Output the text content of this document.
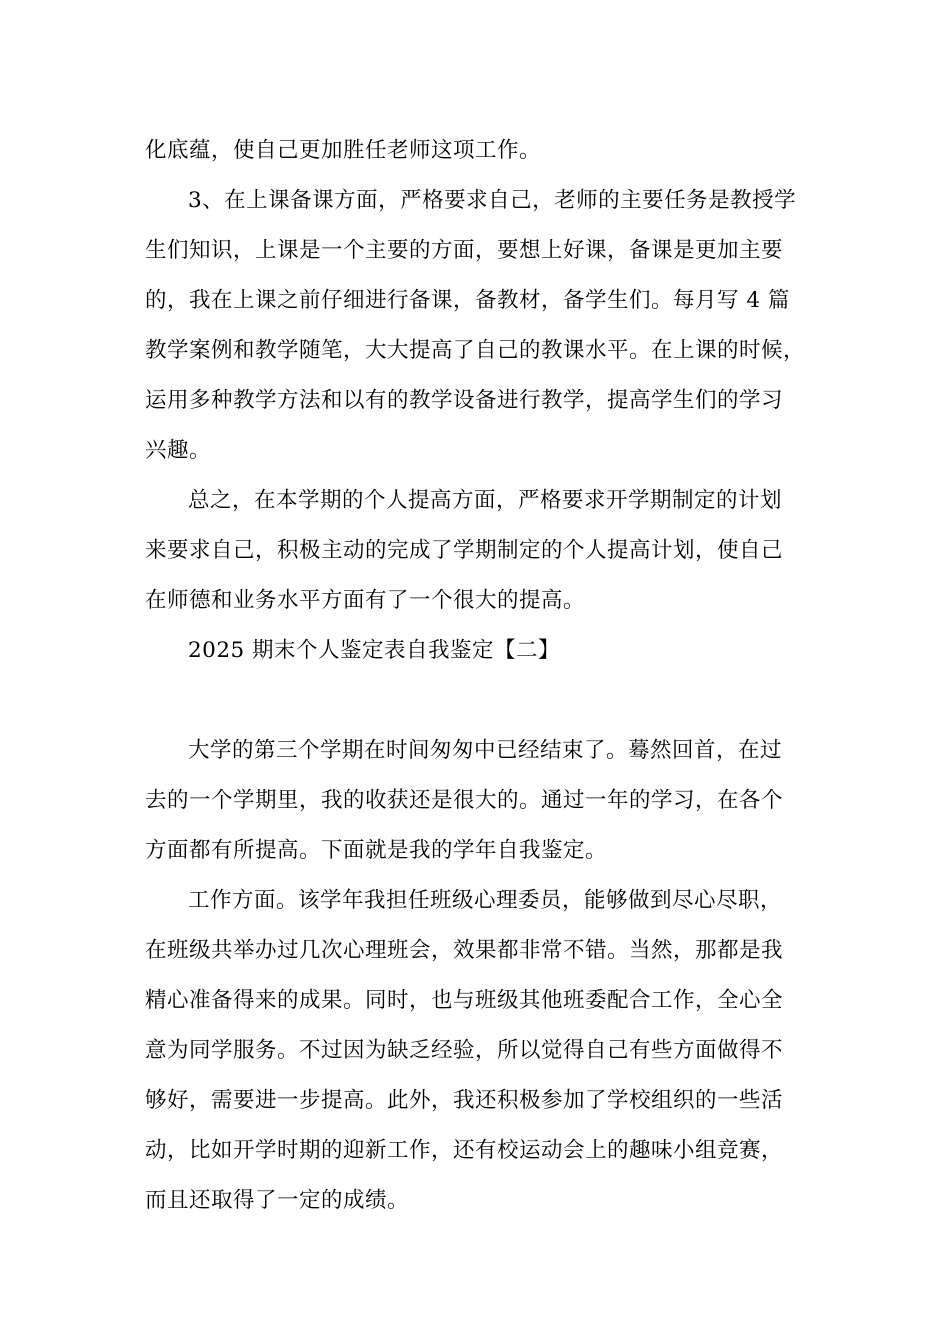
化底蕴，使自己更加胜任老师这项工作。
3、在上课备课方面，严格要求自己，老师的主要任务是教授学
生们知识，上课是一个主要的方面，要想上好课，备课是更加主要
的，我在上课之前仔细进行备课，备教材，备学生们。每月写 4 篇
教学案例和教学随笔，大大提高了自己的教课水平。在上课的时候，
运用多种教学方法和以有的教学设备进行教学，提高学生们的学习
兴趣。
总之，在本学期的个人提高方面，严格要求开学期制定的计划
来要求自己，积极主动的完成了学期制定的个人提高计划，使自己
在师德和业务水平方面有了一个很大的提高。
2025 期末个人鉴定表自我鉴定【二】
大学的第三个学期在时间匆匆中已经结束了。蓦然回首，在过
去的一个学期里，我的收获还是很大的。通过一年的学习，在各个
方面都有所提高。下面就是我的学年自我鉴定。
工作方面。该学年我担任班级心理委员，能够做到尽心尽职，
在班级共举办过几次心理班会，效果都非常不错。当然，那都是我
精心准备得来的成果。同时，也与班级其他班委配合工作，全心全
意为同学服务。不过因为缺乏经验，所以觉得自己有些方面做得不
够好，需要进一步提高。此外，我还积极参加了学校组织的一些活
动，比如开学时期的迎新工作，还有校运动会上的趣味小组竞赛，
而且还取得了一定的成绩。
